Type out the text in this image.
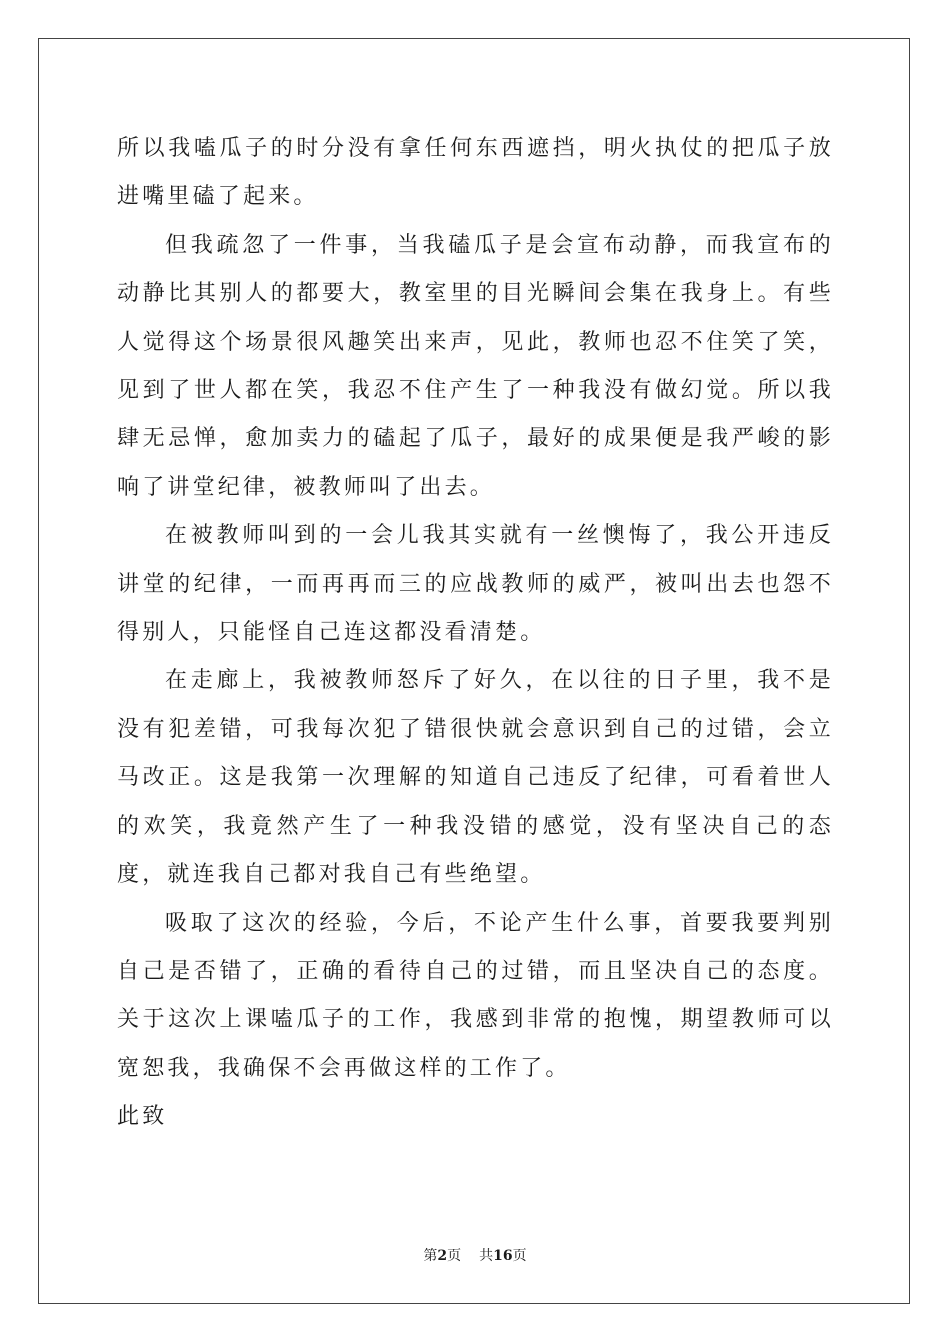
所以我嗑瓜子的时分没有拿任何东西遮挡，明火执仗的把瓜子放进嘴里磕了起来。

但我疏忽了一件事，当我磕瓜子是会宣布动静，而我宣布的动静比其别人的都要大，教室里的目光瞬间会集在我身上。有些人觉得这个场景很风趣笑出来声，见此，教师也忍不住笑了笑，见到了世人都在笑，我忍不住产生了一种我没有做幻觉。所以我肆无忌惮，愈加卖力的磕起了瓜子，最好的成果便是我严峻的影响了讲堂纪律，被教师叫了出去。

在被教师叫到的一会儿我其实就有一丝懊悔了，我公开违反讲堂的纪律，一而再再而三的应战教师的威严，被叫出去也怨不得别人，只能怪自己连这都没看清楚。

在走廊上，我被教师怒斥了好久，在以往的日子里，我不是没有犯差错，可我每次犯了错很快就会意识到自己的过错，会立马改正。这是我第一次理解的知道自己违反了纪律，可看着世人的欢笑，我竟然产生了一种我没错的感觉，没有坚决自己的态度，就连我自己都对我自己有些绝望。

吸取了这次的经验，今后，不论产生什么事，首要我要判别自己是否错了，正确的看待自己的过错，而且坚决自己的态度。关于这次上课嗑瓜子的工作，我感到非常的抱愧，期望教师可以宽恕我，我确保不会再做这样的工作了。

此致

第2页 共16页
